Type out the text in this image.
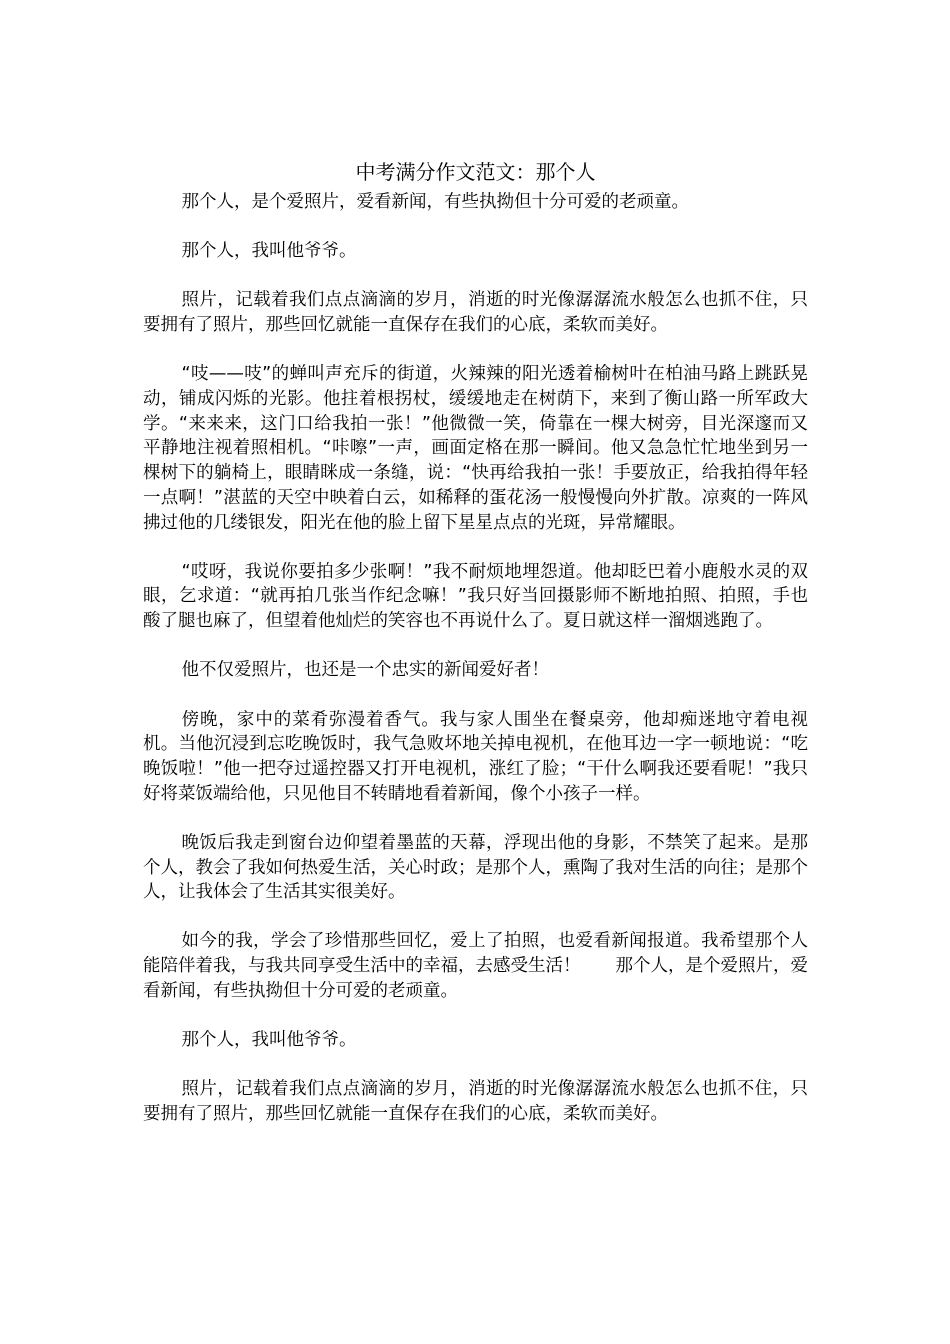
中考满分作文范文：那个人

那个人，是个爱照片，爱看新闻，有些执拗但十分可爱的老顽童。

那个人，我叫他爷爷。

照片，记载着我们点点滴滴的岁月，消逝的时光像潺潺流水般怎么也抓不住，只要拥有了照片，那些回忆就能一直保存在我们的心底，柔软而美好。

“吱——吱”的蝉叫声充斥的街道，火辣辣的阳光透着榆树叶在柏油马路上跳跃晃动，铺成闪烁的光影。他拄着根拐杖，缓缓地走在树荫下，来到了衡山路一所军政大学。“来来来，这门口给我拍一张！”他微微一笑，倚靠在一棵大树旁，目光深邃而又平静地注视着照相机。“咔嚓”一声，画面定格在那一瞬间。他又急急忙忙地坐到另一棵树下的躺椅上，眼睛眯成一条缝，说：“快再给我拍一张！手要放正，给我拍得年轻一点啊！”湛蓝的天空中映着白云，如稀释的蛋花汤一般慢慢向外扩散。凉爽的一阵风拂过他的几缕银发，阳光在他的脸上留下星星点点的光斑，异常耀眼。

“哎呀，我说你要拍多少张啊！”我不耐烦地埋怨道。他却眨巴着小鹿般水灵的双眼，乞求道：“就再拍几张当作纪念嘛！”我只好当回摄影师不断地拍照、拍照，手也酸了腿也麻了，但望着他灿烂的笑容也不再说什么了。夏日就这样一溜烟逃跑了。

他不仅爱照片，也还是一个忠实的新闻爱好者！

傍晚，家中的菜肴弥漫着香气。我与家人围坐在餐桌旁，他却痴迷地守着电视机。当他沉浸到忘吃晚饭时，我气急败坏地关掉电视机，在他耳边一字一顿地说：“吃晚饭啦！”他一把夺过遥控器又打开电视机，涨红了脸；“干什么啊我还要看呢！”我只好将菜饭端给他，只见他目不转睛地看着新闻，像个小孩子一样。

晚饭后我走到窗台边仰望着墨蓝的天幕，浮现出他的身影，不禁笑了起来。是那个人，教会了我如何热爱生活，关心时政；是那个人，熏陶了我对生活的向往；是那个人，让我体会了生活其实很美好。

如今的我，学会了珍惜那些回忆，爱上了拍照，也爱看新闻报道。我希望那个人能陪伴着我，与我共同享受生活中的幸福，去感受生活！　　那个人，是个爱照片，爱看新闻，有些执拗但十分可爱的老顽童。

那个人，我叫他爷爷。

照片，记载着我们点点滴滴的岁月，消逝的时光像潺潺流水般怎么也抓不住，只要拥有了照片，那些回忆就能一直保存在我们的心底，柔软而美好。
